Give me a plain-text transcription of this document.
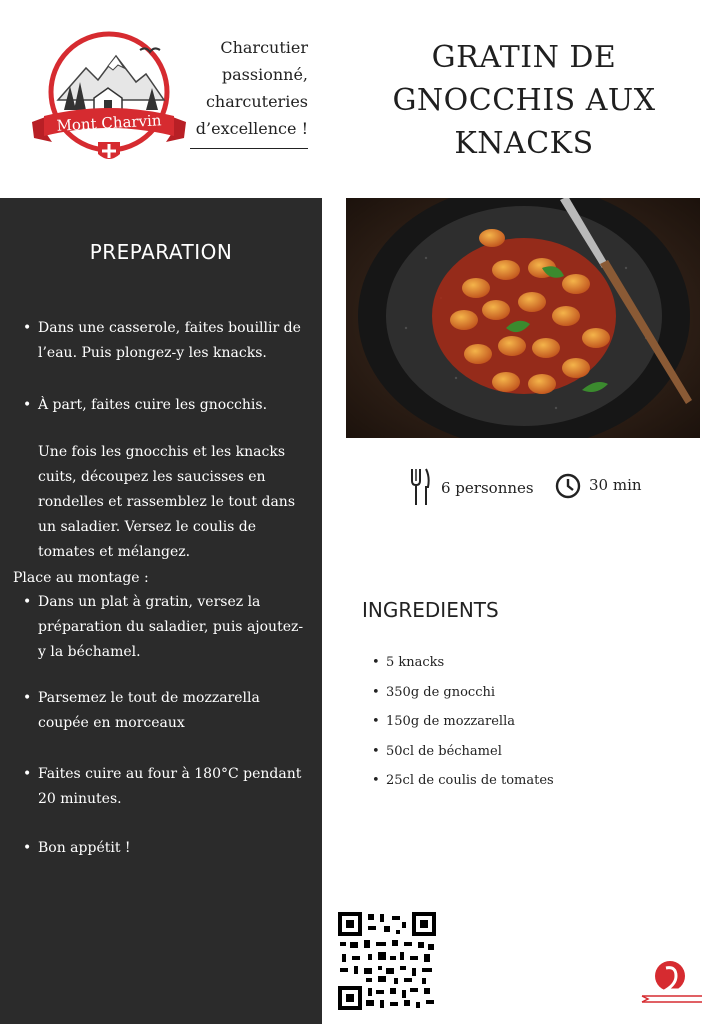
Mont Charvin
Charcutier
passionné,
charcuteries
d’excellence !
GRATIN DE
GNOCCHIS AUX
KNACKS
PREPARATION
• Dans une casserole, faites bouillir de l’eau. Puis plongez-y les knacks.
• À part, faites cuire les gnocchis.
Une fois les gnocchis et les knacks cuits, découpez les saucisses en rondelles et rassemblez le tout dans un saladier. Versez le coulis de tomates et mélangez.
Place au montage :
• Dans un plat à gratin, versez la préparation du saladier, puis ajoutez-y la béchamel.
• Parsemez le tout de mozzarella coupée en morceaux
• Faites cuire au four à 180°C pendant 20 minutes.
• Bon appétit !
6 personnes	30 min
INGREDIENTS
• 5 knacks
• 350g de gnocchi
• 150g de mozzarella
• 50cl de béchamel
• 25cl de coulis de tomates
